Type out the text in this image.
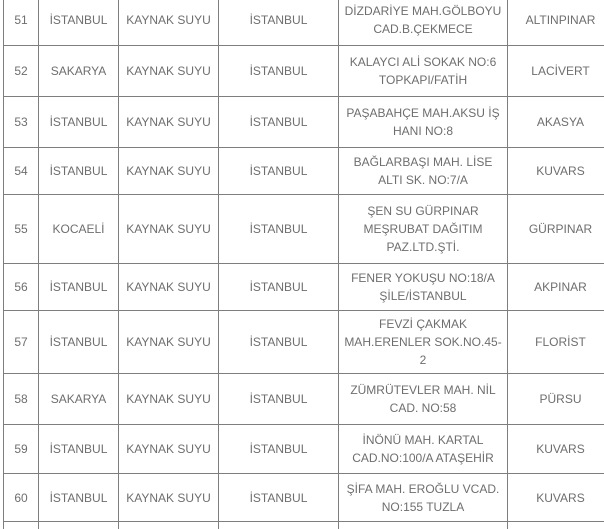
51	İSTANBUL	KAYNAK SUYU	İSTANBUL	DİZDARİYE MAH.GÖLBOYU CAD.B.ÇEKMECE	ALTINPINAR
52	SAKARYA	KAYNAK SUYU	İSTANBUL	KALAYCI ALİ SOKAK NO:6 TOPKAPI/FATİH	LACİVERT
53	İSTANBUL	KAYNAK SUYU	İSTANBUL	PAŞABAHÇE MAH.AKSU İŞ HANI NO:8	AKASYA
54	İSTANBUL	KAYNAK SUYU	İSTANBUL	BAĞLARBAŞI MAH. LİSE ALTI SK. NO:7/A	KUVARS
55	KOCAELİ	KAYNAK SUYU	İSTANBUL	ŞEN SU GÜRPINAR MEŞRUBAT DAĞITIM PAZ.LTD.ŞTİ.	GÜRPINAR
56	İSTANBUL	KAYNAK SUYU	İSTANBUL	FENER YOKUŞU NO:18/A ŞİLE/İSTANBUL	AKPINAR
57	İSTANBUL	KAYNAK SUYU	İSTANBUL	FEVZİ ÇAKMAK MAH.ERENLER SOK.NO.45-2	FLORİST
58	SAKARYA	KAYNAK SUYU	İSTANBUL	ZÜMRÜTEVLER MAH. NİL CAD. NO:58	PÜRSU
59	İSTANBUL	KAYNAK SUYU	İSTANBUL	İNÖNÜ MAH. KARTAL CAD.NO:100/A ATAŞEHİR	KUVARS
60	İSTANBUL	KAYNAK SUYU	İSTANBUL	ŞİFA MAH. EROĞLU VCAD. NO:155 TUZLA	KUVARS
